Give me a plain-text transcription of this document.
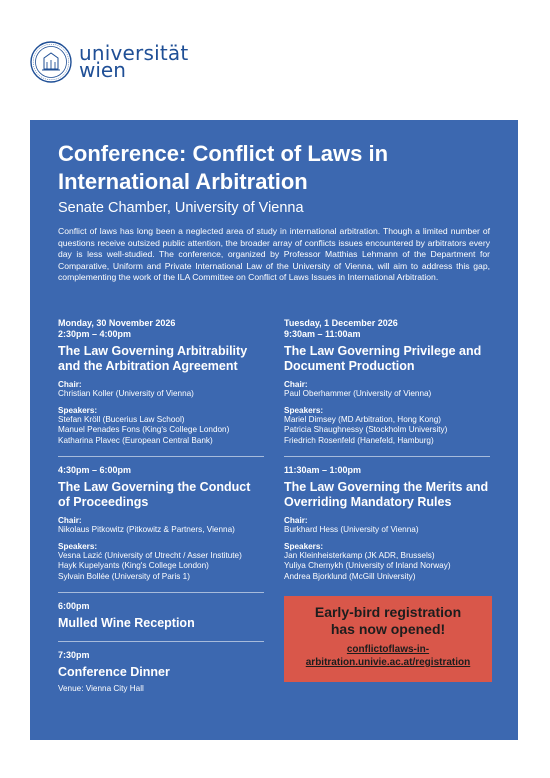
universität
wien
Conference: Conflict of Laws in
International Arbitration
Senate Chamber, University of Vienna
Conflict of laws has long been a neglected area of study in international arbitration. Though a limited number of questions receive outsized public attention, the broader array of conflicts issues encountered by arbitrators every day is less well-studied. The conference, organized by Professor Matthias Lehmann of the Department for Comparative, Uniform and Private International Law of the University of Vienna, will aim to address this gap, complementing the work of the ILA Committee on Conflict of Laws Issues in International Arbitration.
Monday, 30 November 2026
2:30pm – 4:00pm
The Law Governing Arbitrability and the Arbitration Agreement
Chair:
Christian Koller (University of Vienna)
Speakers:
Stefan Kröll (Bucerius Law School)
Manuel Penades Fons (King's College London)
Katharina Plavec (European Central Bank)
4:30pm – 6:00pm
The Law Governing the Conduct of Proceedings
Chair:
Nikolaus Pitkowitz (Pitkowitz & Partners, Vienna)
Speakers:
Vesna Lazić (University of Utrecht / Asser Institute)
Hayk Kupelyants (King's College London)
Sylvain Bollée (University of Paris 1)
6:00pm
Mulled Wine Reception
7:30pm
Conference Dinner
Venue: Vienna City Hall
Tuesday, 1 December 2026
9:30am – 11:00am
The Law Governing Privilege and Document Production
Chair:
Paul Oberhammer (University of Vienna)
Speakers:
Mariel Dimsey (MD Arbitration, Hong Kong)
Patricia Shaughnessy (Stockholm University)
Friedrich Rosenfeld (Hanefeld, Hamburg)
11:30am – 1:00pm
The Law Governing the Merits and Overriding Mandatory Rules
Chair:
Burkhard Hess (University of Vienna)
Speakers:
Jan Kleinheisterkamp (JK ADR, Brussels)
Yuliya Chernykh (University of Inland Norway)
Andrea Bjorklund (McGill University)
Early-bird registration
has now opened!
conflictoflaws-in-
arbitration.univie.ac.at/registration
